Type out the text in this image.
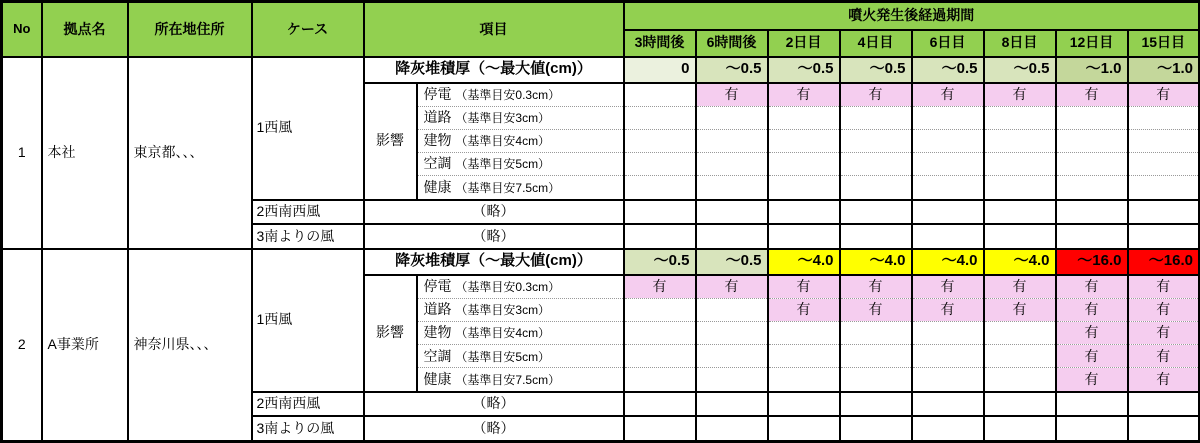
No	拠点名	所在地住所	ケース	項目		噴火発生後経過期間							
						3時間後	6時間後	2日目	4日目	6日目	8日目	12日目	15日目
1	本社	東京都、、、	1西風	降灰堆積厚（～最大値(cm)）		0	～0.5	～0.5	～0.5	～0.5	～0.5	～1.0	～1.0
				影響	停電 （基準目安0.3cm）		有	有	有	有	有	有	有
					道路 （基準目安3cm）								
					建物 （基準目安4cm）								
					空調 （基準目安5cm）								
					健康 （基準目安7.5cm）								
			2西南西風	（略）									
			3南よりの風	（略）									
2	A事業所	神奈川県、、、	1西風	降灰堆積厚（～最大値(cm)）		～0.5	～0.5	～4.0	～4.0	～4.0	～4.0	～16.0	～16.0
				影響	停電 （基準目安0.3cm）	有	有	有	有	有	有	有	有
					道路 （基準目安3cm）			有	有	有	有	有	有
					建物 （基準目安4cm）							有	有
					空調 （基準目安5cm）							有	有
					健康 （基準目安7.5cm）							有	有
			2西南西風	（略）									
			3南よりの風	（略）									
